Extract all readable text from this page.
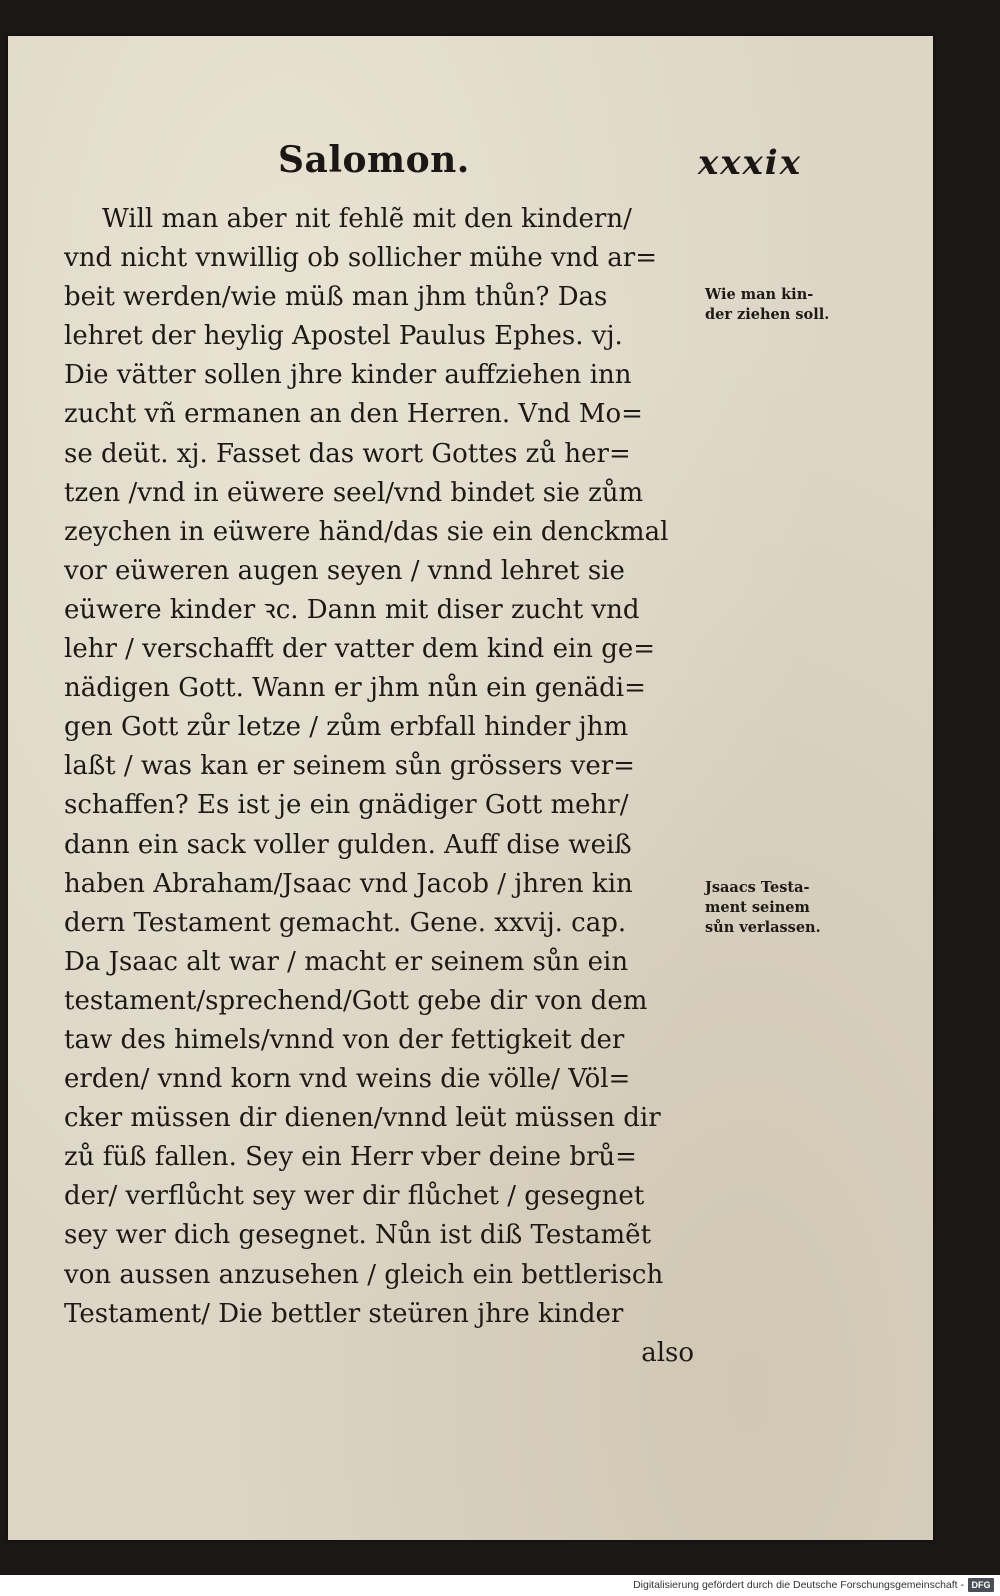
Salomon.	xxxix
Will man aber nit fehlẽ mit den kindern/
vnd nicht vnwillig ob sollicher mühe vnd ar=
beit werden/wie müß man jhm thůn? Das
lehret der heylig Apostel Paulus Ephes. vj.
Die vätter sollen jhre kinder auffziehen inn
zucht vñ ermanen an den Herren. Vnd Mo=
se deüt. xj. Fasset das wort Gottes zů her=
tzen /vnd in eüwere seel/vnd bindet sie zům
zeychen in eüwere händ/das sie ein denckmal
vor eüweren augen seyen / vnnd lehret sie
eüwere kinder ꝛc. Dann mit diser zucht vnd
lehr / verschafft der vatter dem kind ein ge=
nädigen Gott. Wann er jhm nůn ein genädi=
gen Gott zůr letze / zům erbfall hinder jhm
laßt / was kan er seinem sůn grössers ver=
schaffen? Es ist je ein gnädiger Gott mehr/
dann ein sack voller gulden. Auff dise weiß
haben Abraham/Jsaac vnd Jacob / jhren kin
dern Testament gemacht. Gene. xxvij. cap.
Da Jsaac alt war / macht er seinem sůn ein
testament/sprechend/Gott gebe dir von dem
taw des himels/vnnd von der fettigkeit der
erden/ vnnd korn vnd weins die völle/ Völ=
cker müssen dir dienen/vnnd leüt müssen dir
zů füß fallen. Sey ein Herr vber deine brů=
der/ verflůcht sey wer dir flůchet / gesegnet
sey wer dich gesegnet. Nůn ist diß Testamẽt
von aussen anzusehen / gleich ein bettlerisch
Testament/ Die bettler steüren jhre kinder
also
Wie man kin-
der ziehen soll.
Jsaacs Testa-
ment seinem
sůn verlassen.
Digitalisierung gefördert durch die Deutsche Forschungsgemeinschaft - DFG
